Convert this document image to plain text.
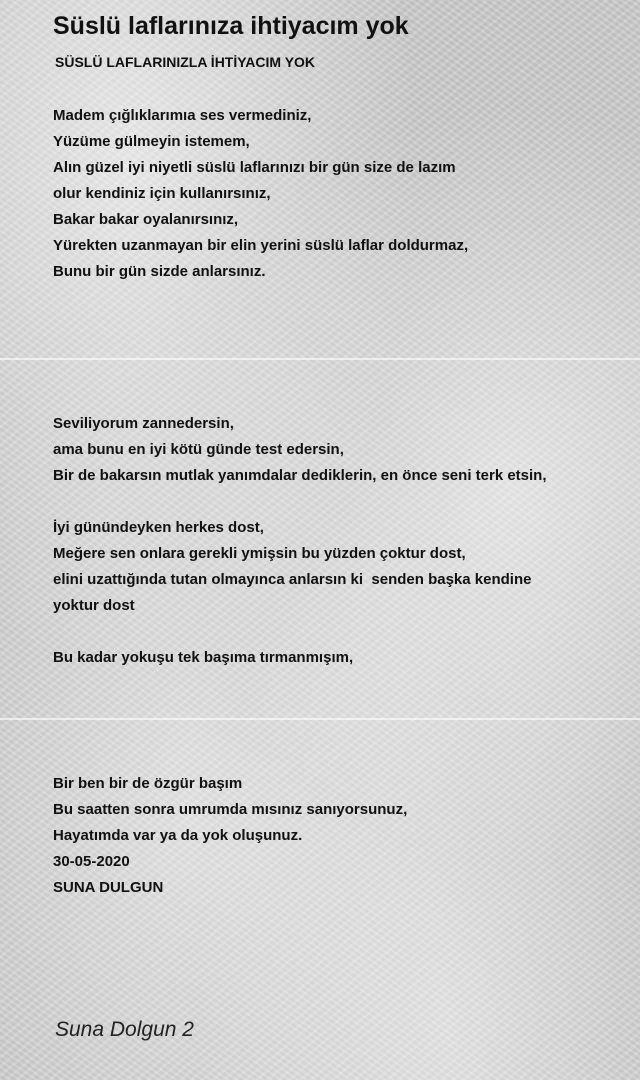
Süslü laflarınıza ihtiyacım yok
SÜSLÜ LAFLARINIZLA İHTİYACIM YOK
Madem çığlıklarımıa ses vermediniz,
Yüzüme gülmeyin istemem,
Alın güzel iyi niyetli süslü laflarınızı bir gün size de lazım
olur kendiniz için kullanırsınız,
Bakar bakar oyalanırsınız,
Yürekten uzanmayan bir elin yerini süslü laflar doldurmaz,
Bunu bir gün sizde anlarsınız.
Seviliyorum zannedersin,
ama bunu en iyi kötü günde test edersin,
Bir de bakarsın mutlak yanımdalar dediklerin, en önce seni terk etsin,
İyi günündeyken herkes dost,
Meğere sen onlara gerekli ymişsin bu yüzden çoktur dost,
elini uzattığında tutan olmayınca anlarsın ki  senden başka kendine
yoktur dost
Bu kadar yokuşu tek başıma tırmanmışım,
Bir ben bir de özgür başım
Bu saatten sonra umrumda mısınız sanıyorsunuz,
Hayatımda var ya da yok oluşunuz.
30-05-2020
SUNA DULGUN
Suna Dolgun 2
